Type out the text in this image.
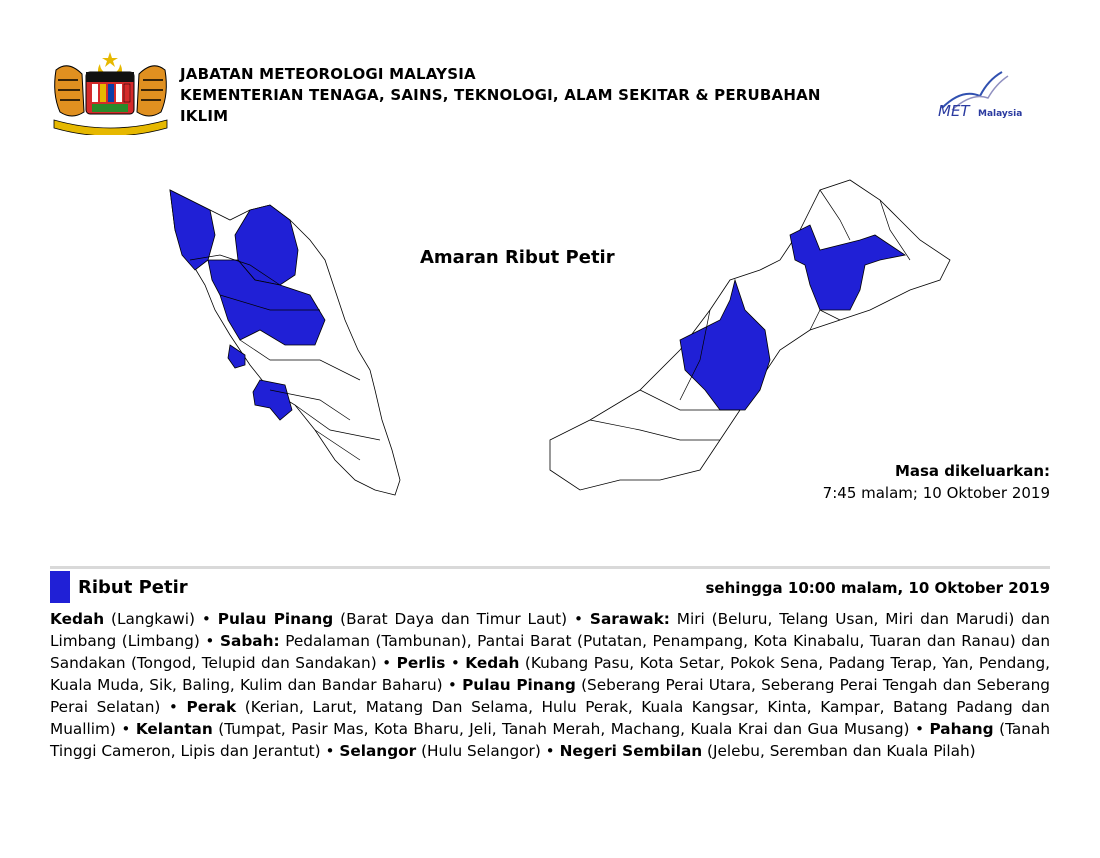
JABATAN METEOROLOGI MALAYSIA
KEMENTERIAN TENAGA, SAINS, TEKNOLOGI, ALAM SEKITAR & PERUBAHAN
IKLIM	MET Malaysia
Amaran Ribut Petir
Masa dikeluarkan:
7:45 malam; 10 Oktober 2019
Ribut Petir	sehingga 10:00 malam, 10 Oktober 2019
Kedah (Langkawi) • Pulau Pinang (Barat Daya dan Timur Laut) • Sarawak: Miri (Beluru, Telang Usan, Miri dan Marudi) dan Limbang (Limbang) • Sabah: Pedalaman (Tambunan), Pantai Barat (Putatan, Penampang, Kota Kinabalu, Tuaran dan Ranau) dan Sandakan (Tongod, Telupid dan Sandakan) • Perlis • Kedah (Kubang Pasu, Kota Setar, Pokok Sena, Padang Terap, Yan, Pendang, Kuala Muda, Sik, Baling, Kulim dan Bandar Baharu) • Pulau Pinang (Seberang Perai Utara, Seberang Perai Tengah dan Seberang Perai Selatan) • Perak (Kerian, Larut, Matang Dan Selama, Hulu Perak, Kuala Kangsar, Kinta, Kampar, Batang Padang dan Muallim) • Kelantan (Tumpat, Pasir Mas, Kota Bharu, Jeli, Tanah Merah, Machang, Kuala Krai dan Gua Musang) • Pahang (Tanah Tinggi Cameron, Lipis dan Jerantut) • Selangor (Hulu Selangor) • Negeri Sembilan (Jelebu, Seremban dan Kuala Pilah)
